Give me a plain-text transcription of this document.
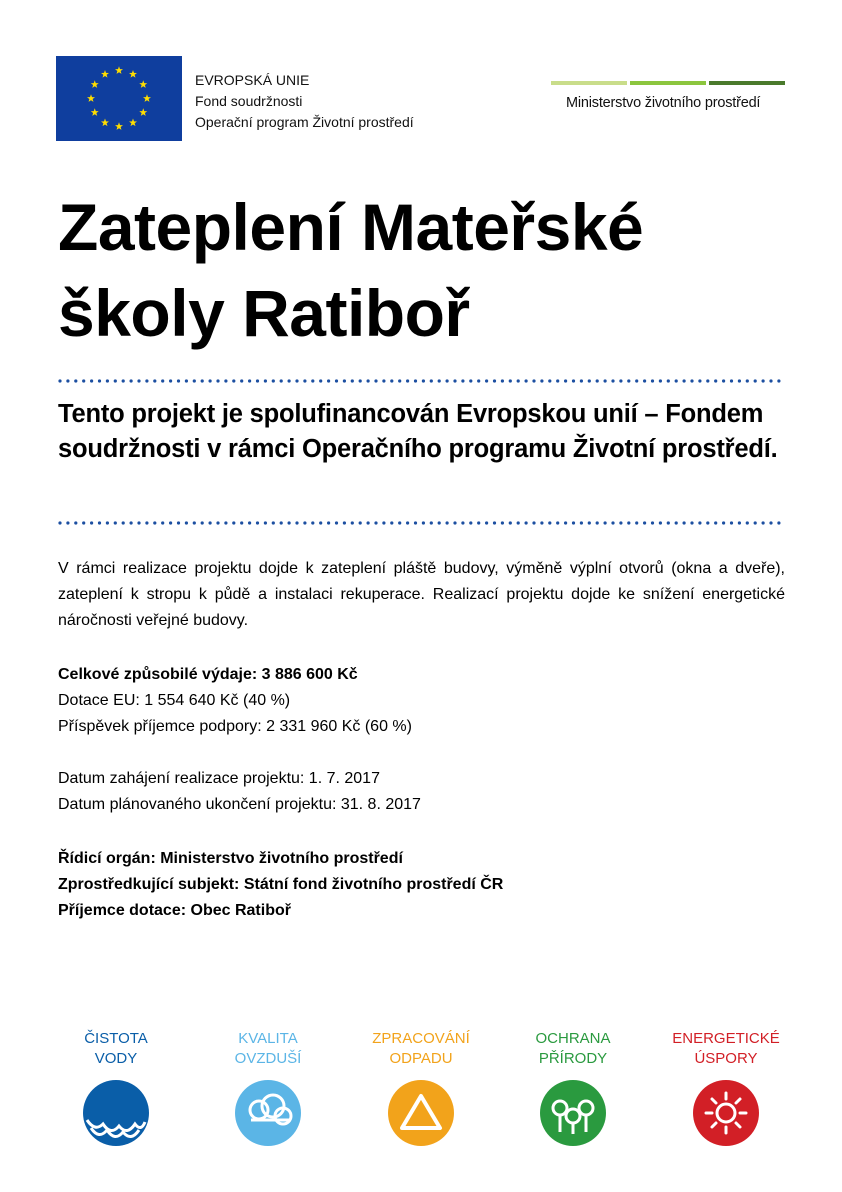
EVROPSKÁ UNIE
Fond soudržnosti
Operační program Životní prostředí
Ministerstvo životního prostředí
Zateplení Mateřské
školy Ratiboř
Tento projekt je spolufinancován Evropskou unií – Fondem soudržnosti v rámci Operačního programu Životní prostředí.
V rámci realizace projektu dojde k zateplení pláště budovy, výměně výplní otvorů (okna a dveře), zateplení k stropu k půdě a instalaci rekuperace. Realizací projektu dojde ke snížení energetické náročnosti veřejné budovy.
Celkové způsobilé výdaje: 3 886 600 Kč
Dotace EU: 1 554 640 Kč (40 %)
Příspěvek příjemce podpory: 2 331 960 Kč (60 %)
Datum zahájení realizace projektu: 1. 7. 2017
Datum plánovaného ukončení projektu: 31. 8. 2017
Řídicí orgán: Ministerstvo životního prostředí
Zprostředkující subjekt: Státní fond životního prostředí ČR
Příjemce dotace: Obec Ratiboř
ČISTOTA
VODY
KVALITA
OVZDUŠÍ
ZPRACOVÁNÍ
ODPADU
OCHRANA
PŘÍRODY
ENERGETICKÉ
ÚSPORY
